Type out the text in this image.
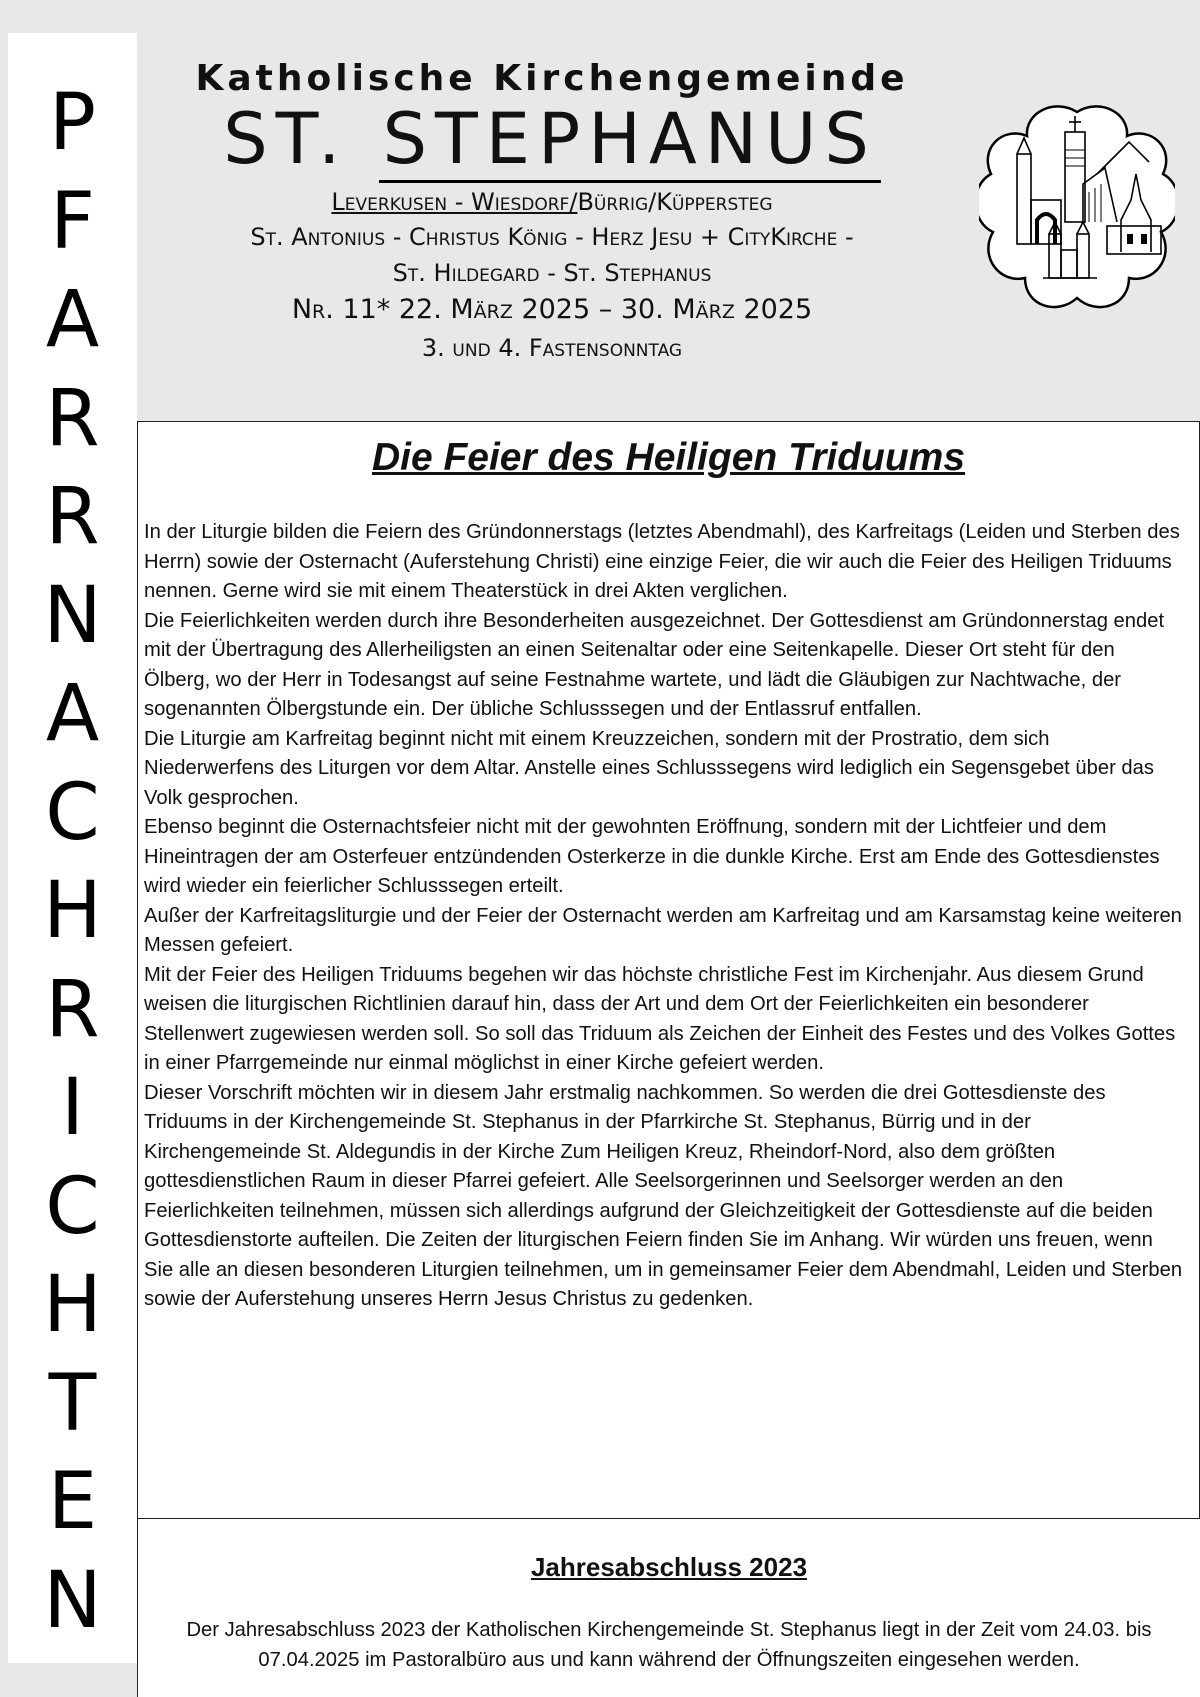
P
F
A
R
R
N
A
C
H
R
I
C
H
T
E
N
Katholische Kirchengemeinde
ST. STEPHANUS
Leverkusen - Wiesdorf/Bürrig/Küppersteg
St. Antonius - Christus König - Herz Jesu + CityKirche -
St. Hildegard - St. Stephanus
Nr. 11* 22. März 2025 – 30. März 2025
3. und 4. Fastensonntag
Die Feier des Heiligen Triduums

In der Liturgie bilden die Feiern des Gründonnerstags (letztes Abendmahl), des Karfreitags (Leiden und Sterben des Herrn) sowie der Osternacht (Auferstehung Christi) eine einzige Feier, die wir auch die Feier des Heiligen Triduums nennen. Gerne wird sie mit einem Theaterstück in drei Akten verglichen.

Die Feierlichkeiten werden durch ihre Besonderheiten ausgezeichnet. Der Gottesdienst am Gründonnerstag endet mit der Übertragung des Allerheiligsten an einen Seitenaltar oder eine Seitenkapelle. Dieser Ort steht für den Ölberg, wo der Herr in Todesangst auf seine Festnahme wartete, und lädt die Gläubigen zur Nachtwache, der sogenannten Ölbergstunde ein. Der übliche Schlusssegen und der Entlassruf entfallen.

Die Liturgie am Karfreitag beginnt nicht mit einem Kreuzzeichen, sondern mit der Prostratio, dem sich Niederwerfens des Liturgen vor dem Altar. Anstelle eines Schlusssegens wird lediglich ein Segensgebet über das Volk gesprochen.

Ebenso beginnt die Osternachtsfeier nicht mit der gewohnten Eröffnung, sondern mit der Lichtfeier und dem Hineintragen der am Osterfeuer entzündenden Osterkerze in die dunkle Kirche. Erst am Ende des Gottesdienstes wird wieder ein feierlicher Schlusssegen erteilt.

Außer der Karfreitagsliturgie und der Feier der Osternacht werden am Karfreitag und am Karsamstag keine weiteren Messen gefeiert.

Mit der Feier des Heiligen Triduums begehen wir das höchste christliche Fest im Kirchenjahr. Aus diesem Grund weisen die liturgischen Richtlinien darauf hin, dass der Art und dem Ort der Feierlichkeiten ein besonderer Stellenwert zugewiesen werden soll. So soll das Triduum als Zeichen der Einheit des Festes und des Volkes Gottes in einer Pfarrgemeinde nur einmal möglichst in einer Kirche gefeiert werden.

Dieser Vorschrift möchten wir in diesem Jahr erstmalig nachkommen. So werden die drei Gottesdienste des Triduums in der Kirchengemeinde St. Stephanus in der Pfarrkirche St. Stephanus, Bürrig und in der Kirchengemeinde St. Aldegundis in der Kirche Zum Heiligen Kreuz, Rheindorf-Nord, also dem größten gottesdienstlichen Raum in dieser Pfarrei gefeiert. Alle Seelsorgerinnen und Seelsorger werden an den Feierlichkeiten teilnehmen, müssen sich allerdings aufgrund der Gleichzeitigkeit der Gottesdienste auf die beiden Gottesdienstorte aufteilen. Die Zeiten der liturgischen Feiern finden Sie im Anhang. Wir würden uns freuen, wenn Sie alle an diesen besonderen Liturgien teilnehmen, um in gemeinsamer Feier dem Abendmahl, Leiden und Sterben sowie der Auferstehung unseres Herrn Jesus Christus zu gedenken.

Jahresabschluss 2023
Der Jahresabschluss 2023 der Katholischen Kirchengemeinde St. Stephanus liegt in der Zeit vom 24.03. bis 07.04.2025 im Pastoralbüro aus und kann während der Öffnungszeiten eingesehen werden.
